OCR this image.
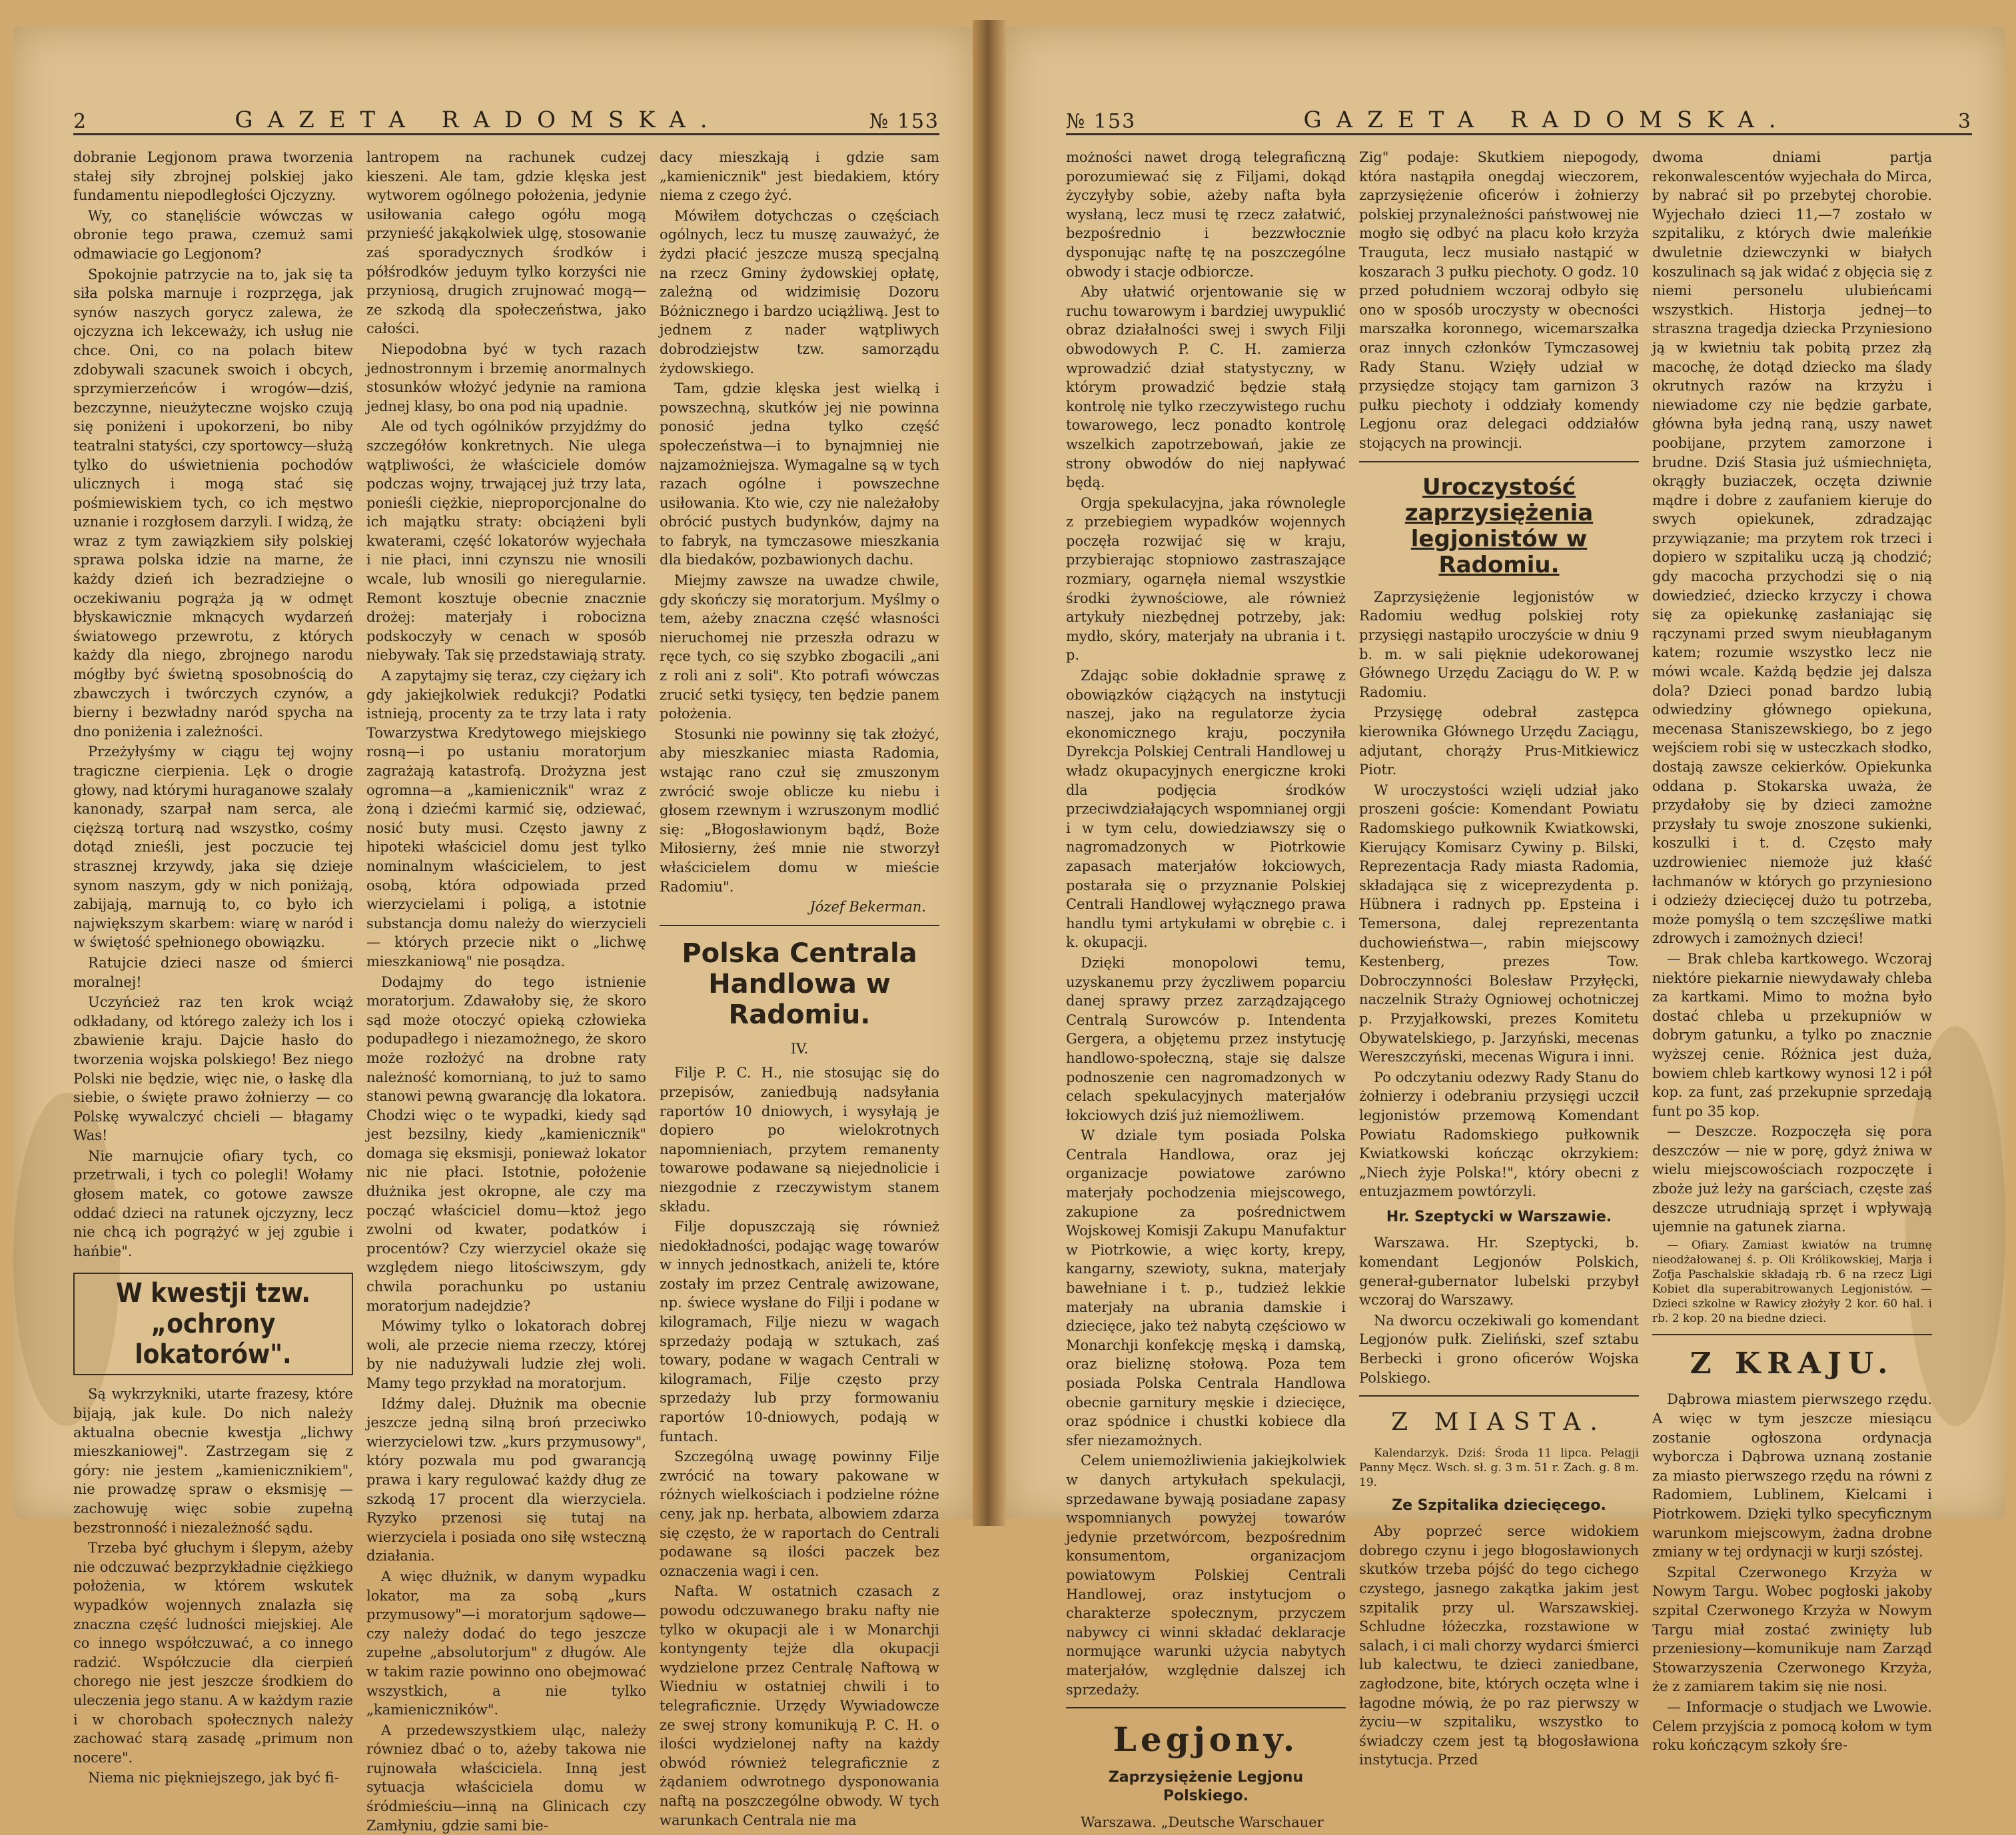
2	GAZETA RADOMSKA.	№ 153	№ 153	GAZETA RADOMSKA.	3

dobranie Legjonom prawa tworzenia stałej siły zbrojnej polskiej jako fundamentu niepodległości Ojczyzny.

Wy, co stanęliście wówczas w obronie tego prawa, czemuż sami odmawiacie go Legjonom?

Spokojnie patrzycie na to, jak się ta siła polska marnuje i rozprzęga, jak synów naszych gorycz zalewa, że ojczyzna ich lekceważy, ich usług nie chce. Oni, co na polach bitew zdobywali szacunek swoich i obcych, sprzymierzeńców i wrogów—dziś, bezczynne, nieużyteczne wojsko czują się poniżeni i upokorzeni, bo niby teatralni statyści, czy sportowcy—służą tylko do uświetnienia pochodów ulicznych i mogą stać się pośmiewiskiem tych, co ich męstwo uznanie i rozgłosem darzyli. I widzą, że wraz z tym zawiązkiem siły polskiej sprawa polska idzie na marne, że każdy dzień ich bezradziejne o oczekiwaniu pogrąża ją w odmęt błyskawicznie mknących wydarzeń światowego przewrotu, z których każdy dla niego, zbrojnego narodu mógłby być świetną sposobnością do zbawczych i twórczych czynów, a bierny i bezwładny naród spycha na dno poniżenia i zależności.

Przeżyłyśmy w ciągu tej wojny tragiczne cierpienia. Lęk o drogie głowy, nad którymi huraganowe szalały kanonady, szarpał nam serca, ale cięższą torturą nad wszystko, cośmy dotąd znieśli, jest poczucie tej strasznej krzywdy, jaka się dzieje synom naszym, gdy w nich poniżają, zabijają, marnują to, co było ich największym skarbem: wiarę w naród i w świętość spełnionego obowiązku.

Ratujcie dzieci nasze od śmierci moralnej!

Uczyńcież raz ten krok wciąż odkładany, od którego zależy ich los i zbawienie kraju. Dajcie hasło do tworzenia wojska polskiego! Bez niego Polski nie będzie, więc nie, o łaskę dla siebie, o święte prawo żołnierzy — co Polskę wywalczyć chcieli — błagamy Was!

Nie marnujcie ofiary tych, co przetrwali, i tych co polegli! Wołamy głosem matek, co gotowe zawsze oddać dzieci na ratunek ojczyzny, lecz nie chcą ich pogrążyć w jej zgubie i hańbie".

W kwestji tzw. „ochrony lokatorów".

Są wykrzykniki, utarte frazesy, które bijają, jak kule. Do nich należy aktualna obecnie kwestja „lichwy mieszkaniowej". Zastrzegam się z góry: nie jestem „kamienicznikiem", nie prowadzę spraw o eksmisję — zachowuję więc sobie zupełną bezstronność i niezależność sądu.

Trzeba być głuchym i ślepym, ażeby nie odczuwać bezprzykładnie ciężkiego położenia, w którem wskutek wypadków wojennych znalazła się znaczna część ludności miejskiej. Ale co innego współczuwać, a co innego radzić. Współczucie dla cierpień chorego nie jest jeszcze środkiem do uleczenia jego stanu. A w każdym razie i w chorobach społecznych należy zachować starą zasadę „primum non nocere".

Niema nic piękniejszego, jak być fi-

lantropem na rachunek cudzej kieszeni. Ale tam, gdzie klęska jest wytworem ogólnego położenia, jedynie usiłowania całego ogółu mogą przynieść jakąkolwiek ulgę, stosowanie zaś sporadycznych środków i półśrodków jeduym tylko korzyści nie przyniosą, drugich zrujnować mogą—ze szkodą dla społeczeństwa, jako całości.

Niepodobna być w tych razach jednostronnym i brzemię anormalnych stosunków włożyć jedynie na ramiona jednej klasy, bo ona pod nią upadnie.

Ale od tych ogólników przyjdźmy do szczegółów konkretnych. Nie ulega wątpliwości, że właściciele domów podczas wojny, trwającej już trzy lata, ponieśli ciężkie, nieproporcjonalne do ich majątku straty: obciążeni byli kwaterami, część lokatorów wyjechała i nie płaci, inni czynszu nie wnosili wcale, lub wnosili go nieregularnie. Remont kosztuje obecnie znacznie drożej: materjały i robocizna podskoczyły w cenach w sposób niebywały. Tak się przedstawiają straty.

A zapytajmy się teraz, czy ciężary ich gdy jakiejkolwiek redukcji? Podatki istnieją, procenty za te trzy lata i raty Towarzystwa Kredytowego miejskiego rosną—i po ustaniu moratorjum zagrażają katastrofą. Drożyzna jest ogromna—a „kamienicznik" wraz z żoną i dziećmi karmić się, odziewać, nosić buty musi. Często jawny z hipoteki właściciel domu jest tylko nominalnym właścicielem, to jest osobą, która odpowiada przed wierzycielami i poligą, a istotnie substancja domu należy do wierzycieli — których przecie nikt o „lichwę mieszkaniową" nie posądza.

Dodajmy do tego istnienie moratorjum. Zdawałoby się, że skoro sąd może otoczyć opieką człowieka podupadłego i niezamożnego, że skoro może rozłożyć na drobne raty należność komornianą, to już to samo stanowi pewną gwarancję dla lokatora. Chodzi więc o te wypadki, kiedy sąd jest bezsilny, kiedy „kamienicznik" domaga się eksmisji, ponieważ lokator nic nie płaci. Istotnie, położenie dłużnika jest okropne, ale czy ma począć właściciel domu—ktoż jego zwolni od kwater, podatków i procentów? Czy wierzyciel okaże się względem niego litościwszym, gdy chwila porachunku po ustaniu moratorjum nadejdzie?

Mówimy tylko o lokatorach dobrej woli, ale przecie niema rzeczy, której by nie nadużywali ludzie złej woli. Mamy tego przykład na moratorjum.

Idźmy dalej. Dłużnik ma obecnie jeszcze jedną silną broń przeciwko wierzycielowi tzw. „kurs przymusowy", który pozwala mu pod gwarancją prawa i kary regulować każdy dług ze szkodą 17 procent dla wierzyciela. Ryzyko przenosi się tutaj na wierzyciela i posiada ono siłę wsteczną działania.

A więc dłużnik, w danym wypadku lokator, ma za sobą „kurs przymusowy"—i moratorjum sądowe—czy należy dodać do tego jeszcze zupełne „absolutorjum" z długów. Ale w takim razie powinno ono obejmować wszystkich, a nie tylko „kamieniczników".

A przedewszystkiem uląc, należy równiez dbać o to, ażeby takowa nie rujnowała właściciela. Inną jest sytuacja właściciela domu w śródmieściu—inną na Glinicach czy Zamłyniu, gdzie sami bie-

dacy mieszkają i gdzie sam „kamienicznik" jest biedakiem, który niema z czego żyć.

Mówiłem dotychczas o częściach ogólnych, lecz tu muszę zauważyć, że żydzi płacić jeszcze muszą specjalną na rzecz Gminy żydowskiej opłatę, zależną od widzimisię Dozoru Bóżnicznego i bardzo uciążliwą. Jest to jednem z nader wątpliwych dobrodziejstw tzw. samorządu żydowskiego.

Tam, gdzie klęska jest wielką i powszechną, skutków jej nie powinna ponosić jedna tylko część społeczeństwa—i to bynajmniej nie najzamożniejsza. Wymagalne są w tych razach ogólne i powszechne usiłowania. Kto wie, czy nie należałoby obrócić pustych budynków, dajmy na to fabryk, na tymczasowe mieszkania dla biedaków, pozbawionych dachu.

Miejmy zawsze na uwadze chwile, gdy skończy się moratorjum. Myślmy o tem, ażeby znaczna część własności nieruchomej nie przeszła odrazu w ręce tych, co się szybko zbogacili „ani z roli ani z soli". Kto potrafi wówczas zrucić setki tysięcy, ten będzie panem położenia.

Stosunki nie powinny się tak złożyć, aby mieszkaniec miasta Radomia, wstając rano czuł się zmuszonym zwrócić swoje oblicze ku niebu i głosem rzewnym i wzruszonym modlić się: „Błogosławionym bądź, Boże Miłosierny, żeś mnie nie stworzył właścicielem domu w mieście Radomiu".

Józef Bekerman.
Polska Centrala Handlowa w Radomiu.
IV.

Filje P. C. H., nie stosując się do przepisów, zaniedbują nadsyłania raportów 10 dniowych, i wysyłają je dopiero po wielokrotnych napomnieniach, przytem remanenty towarowe podawane są niejednolicie i niezgodnie z rzeczywistym stanem składu.

Filje dopuszczają się również niedokładności, podając wagę towarów w innych jednostkach, aniżeli te, które zostały im przez Centralę awizowane, np. świece wysłane do Filji i podane w kilogramach, Filje niezu w wagach sprzedaży podają w sztukach, zaś towary, podane w wagach Centrali w kilogramach, Filje często przy sprzedaży lub przy formowaniu raportów 10-dniowych, podają w funtach.

Szczególną uwagę powinny Filje zwrócić na towary pakowane w różnych wielkościach i podzielne różne ceny, jak np. herbata, albowiem zdarza się często, że w raportach do Centrali podawane są ilości paczek bez oznaczenia wagi i cen.

Nafta. W ostatnich czasach z powodu odczuwanego braku nafty nie tylko w okupacji ale i w Monarchji kontyngenty tejże dla okupacji wydzielone przez Centralę Naftową w Wiedniu w ostatniej chwili i to telegraficznie. Urzędy Wywiadowcze ze swej strony komunikują P. C. H. o ilości wydzielonej nafty na każdy obwód również telegraficznie z żądaniem odwrotnego dysponowania naftą na poszczególne obwody. W tych warunkach Centrala nie ma

możności nawet drogą telegraficzną porozumiewać się z Filjami, dokąd życzyłyby sobie, ażeby nafta była wysłaną, lecz musi tę rzecz załatwić, bezpośrednio i bezzwłocznie dysponując naftę tę na poszczególne obwody i stacje odbiorcze.

Aby ułatwić orjentowanie się w ruchu towarowym i bardziej uwypuklić obraz działalności swej i swych Filji obwodowych P. C. H. zamierza wprowadzić dział statystyczny, w którym prowadzić będzie stałą kontrolę nie tylko rzeczywistego ruchu towarowego, lecz ponadto kontrolę wszelkich zapotrzebowań, jakie ze strony obwodów do niej napływać będą.

Orgja spekulacyjna, jaka równolegle z przebiegiem wypadków wojennych poczęła rozwijać się w kraju, przybierając stopniowo zastraszające rozmiary, ogarnęła niemal wszystkie środki żywnościowe, ale również artykuły niezbędnej potrzeby, jak: mydło, skóry, materjały na ubrania i t. p.

Zdając sobie dokładnie sprawę z obowiązków ciążących na instytucji naszej, jako na regulatorze życia ekonomicznego kraju, poczyniła Dyrekcja Polskiej Centrali Handlowej u władz okupacyjnych energiczne kroki dla podjęcia środków przeciwdziałających wspomnianej orgji i w tym celu, dowiedziawszy się o nagromadzonych w Piotrkowie zapasach materjałów łokciowych, postarała się o przyznanie Polskiej Centrali Handlowej wyłącznego prawa handlu tymi artykułami w obrębie c. i k. okupacji.

Dzięki monopolowi temu, uzyskanemu przy życzliwem poparciu danej sprawy przez zarządzającego Centralą Surowców p. Intendenta Gergera, a objętemu przez instytucję handlowo-społeczną, staje się dalsze podnoszenie cen nagromadzonych w celach spekulacyjnych materjałów łokciowych dziś już niemożliwem.

W dziale tym posiada Polska Centrala Handlowa, oraz jej organizacje powiatowe zarówno materjały pochodzenia miejscowego, zakupione za pośrednictwem Wojskowej Komisji Zakupu Manufaktur w Piotrkowie, a więc korty, krepy, kangarny, szewioty, sukna, materjały bawełniane i t. p., tudzież lekkie materjały na ubrania damskie i dziecięce, jako też nabytą częściowo w Monarchji konfekcję męską i damską, oraz bieliznę stołową. Poza tem posiada Polska Centrala Handlowa obecnie garnitury męskie i dziecięce, oraz spódnice i chustki kobiece dla sfer niezamożnych.

Celem uniemożliwienia jakiejkolwiek w danych artykułach spekulacji, sprzedawane bywają posiadane zapasy wspomnianych powyżej towarów jedynie przetwórcom, bezpośrednim konsumentom, organizacjom powiatowym Polskiej Centrali Handlowej, oraz instytucjom o charakterze społecznym, przyczem nabywcy ci winni składać deklaracje normujące warunki użycia nabytych materjałów, względnie dalszej ich sprzedaży.

Legjony.
Zaprzysiężenie Legjonu Polskiego.

Warszawa. „Deutsche Warschauer

Zig" podaje: Skutkiem niepogody, która nastąpiła onegdaj wieczorem, zaprzysiężenie oficerów i żołnierzy polskiej przynależności państwowej nie mogło się odbyć na placu koło krzyża Trauguta, lecz musiało nastąpić w koszarach 3 pułku piechoty. O godz. 10 przed południem wczoraj odbyło się ono w sposób uroczysty w obecności marszałka koronnego, wicemarszałka oraz innych członków Tymczasowej Rady Stanu. Wzięły udział w przysiędze stojący tam garnizon 3 pułku piechoty i oddziały komendy Legjonu oraz delegaci oddziałów stojących na prowincji.

Uroczystość zaprzysiężenia legjonistów w Radomiu.

Zaprzysiężenie legjonistów w Radomiu według polskiej roty przysięgi nastąpiło uroczyście w dniu 9 b. m. w sali pięknie udekorowanej Głównego Urzędu Zaciągu do W. P. w Radomiu.

Przysięgę odebrał zastępca kierownika Głównego Urzędu Zaciągu, adjutant, chorąży Prus-Mitkiewicz Piotr.

W uroczystości wzięli udział jako proszeni goście: Komendant Powiatu Radomskiego pułkownik Kwiatkowski, Kierujący Komisarz Cywiny p. Bilski, Reprezentacja Rady miasta Radomia, składająca się z wiceprezydenta p. Hübnera i radnych pp. Epsteina i Temersona, dalej reprezentanta duchowieństwa—, rabin miejscowy Kestenberg, prezes Tow. Dobroczynności Bolesław Przyłęcki, naczelnik Straży Ogniowej ochotniczej p. Przyjałkowski, prezes Komitetu Obywatelskiego, p. Jarzyński, mecenas Wereszczyński, mecenas Wigura i inni.

Po odczytaniu odezwy Rady Stanu do żołnierzy i odebraniu przysięgi uczcił legjonistów przemową Komendant Powiatu Radomskiego pułkownik Kwiatkowski kończąc okrzykiem: „Niech żyje Polska!", który obecni z entuzjazmem powtórzyli.

Hr. Szeptycki w Warszawie.

Warszawa. Hr. Szeptycki, b. komendant Legjonów Polskich, generał-gubernator lubelski przybył wczoraj do Warszawy.

Na dworcu oczekiwali go komendant Legjonów pułk. Zieliński, szef sztabu Berbecki i grono oficerów Wojska Polskiego.

Z MIASTA.

Kalendarzyk. Dziś: Środa 11 lipca. Pelagji Panny Męcz. Wsch. sł. g. 3 m. 51 r. Zach. g. 8 m. 19.

Ze Szpitalika dziecięcego.

Aby poprzeć serce widokiem dobrego czynu i jego błogosławionych skutków trzeba pójść do tego cichego czystego, jasnego zakątka jakim jest szpitalik przy ul. Warszawskiej. Schludne łóżeczka, rozstawione w salach, i ci mali chorzy wydarci śmierci lub kalectwu, te dzieci zaniedbane, zagłodzone, bite, których oczęta wlne i łagodne mówią, że po raz pierwszy w życiu—w szpitaliku, wszystko to świadczy czem jest tą błogosławiona instytucja. Przed

dwoma dniami partja rekonwalescentów wyjechała do Mirca, by nabrać sił po przebytej chorobie. Wyjechało dzieci 11,—7 zostało w szpitaliku, z których dwie maleńkie dwuletnie dziewczynki w białych koszulinach są jak widać z objęcia się z niemi personelu ulubieńcami wszystkich. Historja jednej—to straszna tragedja dziecka Przyniesiono ją w kwietniu tak pobitą przez złą macochę, że dotąd dziecko ma ślady okrutnych razów na krzyżu i niewiadome czy nie będzie garbate, główna była jedną raną, uszy nawet poobijane, przytem zamorzone i brudne. Dziś Stasia już uśmiechnięta, okrągły buziaczek, oczęta dziwnie mądre i dobre z zaufaniem kieruje do swych opiekunek, zdradzając przywiązanie; ma przytem rok trzeci i dopiero w szpitaliku uczą ją chodzić; gdy macocha przychodzi się o nią dowiedzieć, dziecko krzyczy i chowa się za opiekunkę zasłaniając się rączynami przed swym nieubłaganym katem; rozumie wszystko lecz nie mówi wcale. Każdą będzie jej dalsza dola? Dzieci ponad bardzo lubią odwiedziny głównego opiekuna, mecenasa Staniszewskiego, bo z jego wejściem robi się w usteczkach słodko, dostają zawsze cekierków. Opiekunka oddana p. Stokarska uważa, że przydałoby się by dzieci zamożne przysłały tu swoje znoszone sukienki, koszulki i t. d. Często mały uzdrowieniec niemoże już kłaść łachmanów w których go przyniesiono i odzieży dziecięcej dużo tu potrzeba, może pomyślą o tem szczęśliwe matki zdrowych i zamożnych dzieci!

— Brak chleba kartkowego. Wczoraj niektóre piekarnie niewydawały chleba za kartkami. Mimo to można było dostać chleba u przekupniów w dobrym gatunku, a tylko po znacznie wyższej cenie. Różnica jest duża, bowiem chleb kartkowy wynosi 12 i pół kop. za funt, zaś przekupnie sprzedają funt po 35 kop.

— Deszcze. Rozpoczęła się pora deszczów — nie w porę, gdyż żniwa w wielu miejscowościach rozpoczęte i zboże już leży na garściach, częste zaś deszcze utrudniają sprzęt i wpływają ujemnie na gatunek ziarna.

— Ofiary. Zamiast kwiatów na trumnę nieodżałowanej ś. p. Oli Królikowskiej, Marja i Zofja Paschalskie składają rb. 6 na rzecz Ligi Kobiet dla superabitrowanych Legjonistów. — Dzieci szkolne w Rawicy złożyły 2 kor. 60 hal. i rb. 2 kop. 20 na biedne dzieci.

Z KRAJU.

Dąbrowa miastem pierwszego rzędu. A więc w tym jeszcze miesiącu zostanie ogłoszona ordynacja wyborcza i Dąbrowa uznaną zostanie za miasto pierwszego rzędu na równi z Radomiem, Lublinem, Kielcami i Piotrkowem. Dzięki tylko specyficznym warunkom miejscowym, żadna drobne zmiany w tej ordynacji w kurji szóstej.

Szpital Czerwonego Krzyża w Nowym Targu. Wobec pogłoski jakoby szpital Czerwonego Krzyża w Nowym Targu miał zostać zwinięty lub przeniesiony—komunikuje nam Zarząd Stowarzyszenia Czerwonego Krzyża, że z zamiarem takim się nie nosi.

— Informacje o studjach we Lwowie. Celem przyjścia z pomocą kołom w tym roku kończącym szkoły śre-
